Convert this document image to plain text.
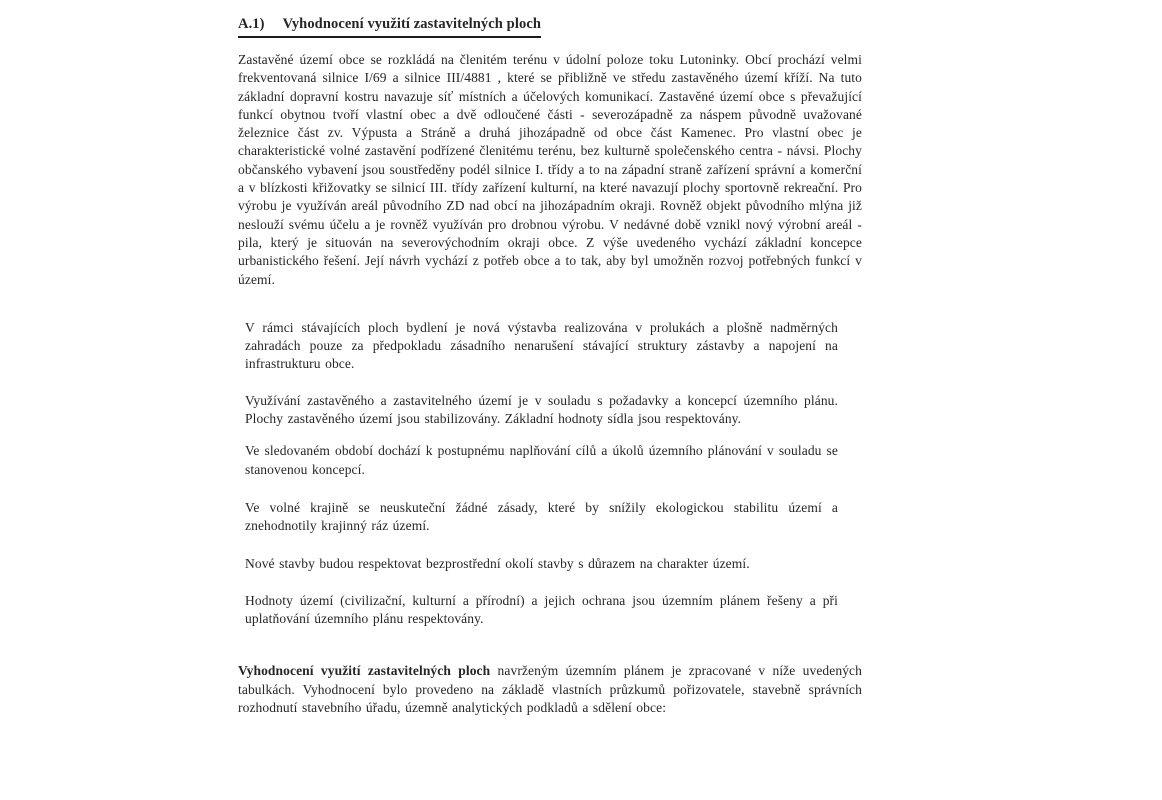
A.1) Vyhodnocení využití zastavitelných ploch

Zastavěné území obce se rozkládá na členitém terénu v údolní poloze toku Lutoninky. Obcí prochází velmi frekventovaná silnice I/69 a silnice III/4881 , které se přibližně ve středu zastavěného území kříží. Na tuto základní dopravní kostru navazuje síť místních a účelových komunikací. Zastavěné území obce s převažující funkcí obytnou tvoří vlastní obec a dvě odloučené části - severozápadně za náspem původně uvažované železnice část zv. Výpusta a Stráně a druhá jihozápadně od obce část Kamenec. Pro vlastní obec je charakteristické volné zastavění podřízené členitému terénu, bez kulturně společenského centra - návsi. Plochy občanského vybavení jsou soustředěny podél silnice I. třídy a to na západní straně zařízení správní a komerční a v blízkosti křižovatky se silnicí III. třídy zařízení kulturní, na které navazují plochy sportovně rekreační. Pro výrobu je využíván areál původního ZD nad obcí na jihozápadním okraji. Rovněž objekt původního mlýna již neslouží svému účelu a je rovněž využíván pro drobnou výrobu. V nedávné době vznikl nový výrobní areál - pila, který je situován na severovýchodním okraji obce. Z výše uvedeného vychází základní koncepce urbanistického řešení. Její návrh vychází z potřeb obce a to tak, aby byl umožněn rozvoj potřebných funkcí v území.

V rámci stávajících ploch bydlení je nová výstavba realizována v prolukách a plošně nadměrných zahradách pouze za předpokladu zásadního nenarušení stávající struktury zástavby a napojení na infrastrukturu obce.

Využívání zastavěného a zastavitelného území je v souladu s požadavky a koncepcí územního plánu. Plochy zastavěného území jsou stabilizovány. Základní hodnoty sídla jsou respektovány.

Ve sledovaném období dochází k postupnému naplňování cílů a úkolů územního plánování v souladu se stanovenou koncepcí.

Ve volné krajině se neuskuteční žádné zásady, které by snížily ekologickou stabilitu území a znehodnotily krajinný ráz území.

Nové stavby budou respektovat bezprostřední okolí stavby s důrazem na charakter území.

Hodnoty území (civilizační, kulturní a přírodní) a jejich ochrana jsou územním plánem řešeny a při uplatňování územního plánu respektovány.

Vyhodnocení využití zastavitelných ploch navrženým územním plánem je zpracované v níže uvedených tabulkách. Vyhodnocení bylo provedeno na základě vlastních průzkumů pořizovatele, stavebně správních rozhodnutí stavebního úřadu, územně analytických podkladů a sdělení obce:
